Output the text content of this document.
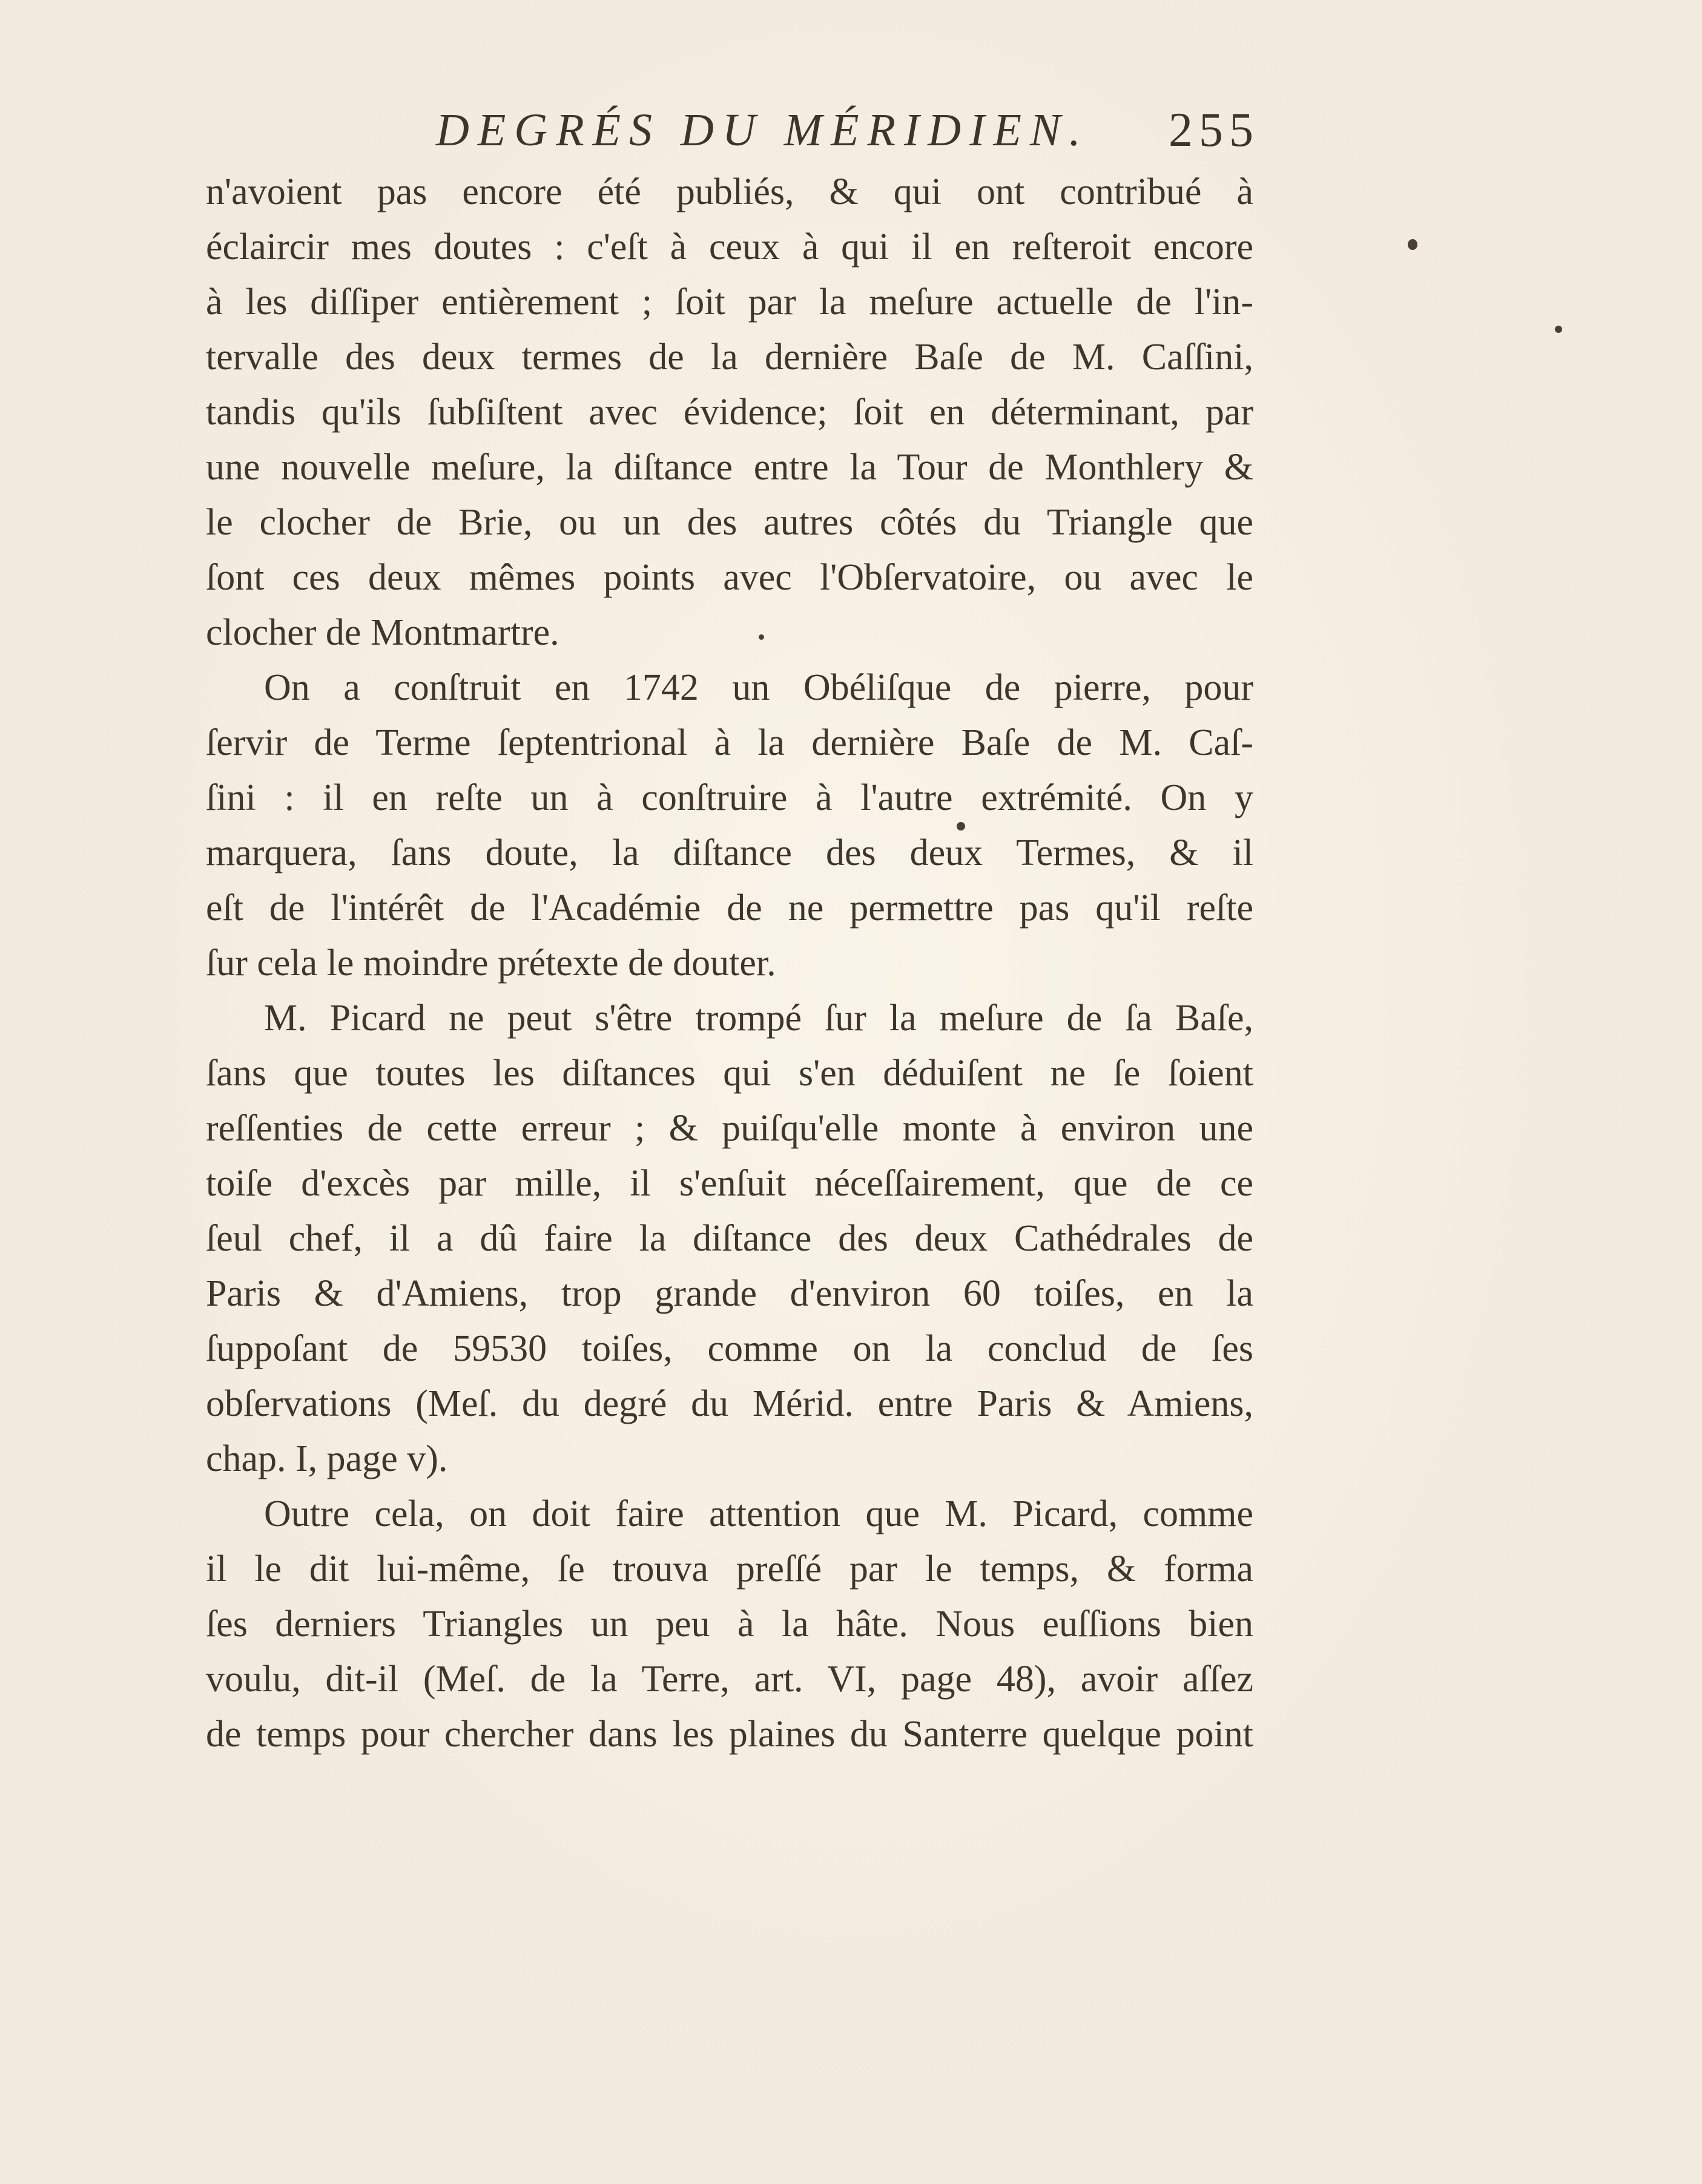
DEGRÉS DU MÉRIDIEN. 255
n'avoient pas encore été publiés, & qui ont contribué à
éclaircir mes doutes : c'eſt à ceux à qui il en reſteroit encore
à les diſſiper entièrement ; ſoit par la meſure actuelle de l'in-
tervalle des deux termes de la dernière Baſe de M. Caſſini,
tandis qu'ils ſubſiſtent avec évidence; ſoit en déterminant, par
une nouvelle meſure, la diſtance entre la Tour de Monthlery &
le clocher de Brie, ou un des autres côtés du Triangle que
ſont ces deux mêmes points avec l'Obſervatoire, ou avec le
clocher de Montmartre.
On a conſtruit en 1742 un Obéliſque de pierre, pour
ſervir de Terme ſeptentrional à la dernière Baſe de M. Caſ-
ſini : il en reſte un à conſtruire à l'autre extrémité. On y
marquera, ſans doute, la diſtance des deux Termes, & il
eſt de l'intérêt de l'Académie de ne permettre pas qu'il reſte
ſur cela le moindre prétexte de douter.
M. Picard ne peut s'être trompé ſur la meſure de ſa Baſe,
ſans que toutes les diſtances qui s'en déduiſent ne ſe ſoient
reſſenties de cette erreur ; & puiſqu'elle monte à environ une
toiſe d'excès par mille, il s'enſuit néceſſairement, que de ce
ſeul chef, il a dû faire la diſtance des deux Cathédrales de
Paris & d'Amiens, trop grande d'environ 60 toiſes, en la
ſuppoſant de 59530 toiſes, comme on la conclud de ſes
obſervations (Meſ. du degré du Mérid. entre Paris & Amiens,
chap. I, page v).
Outre cela, on doit faire attention que M. Picard, comme
il le dit lui-même, ſe trouva preſſé par le temps, & forma
ſes derniers Triangles un peu à la hâte. Nous euſſions bien
voulu, dit-il (Meſ. de la Terre, art. VI, page 48), avoir aſſez
de temps pour chercher dans les plaines du Santerre quelque point
